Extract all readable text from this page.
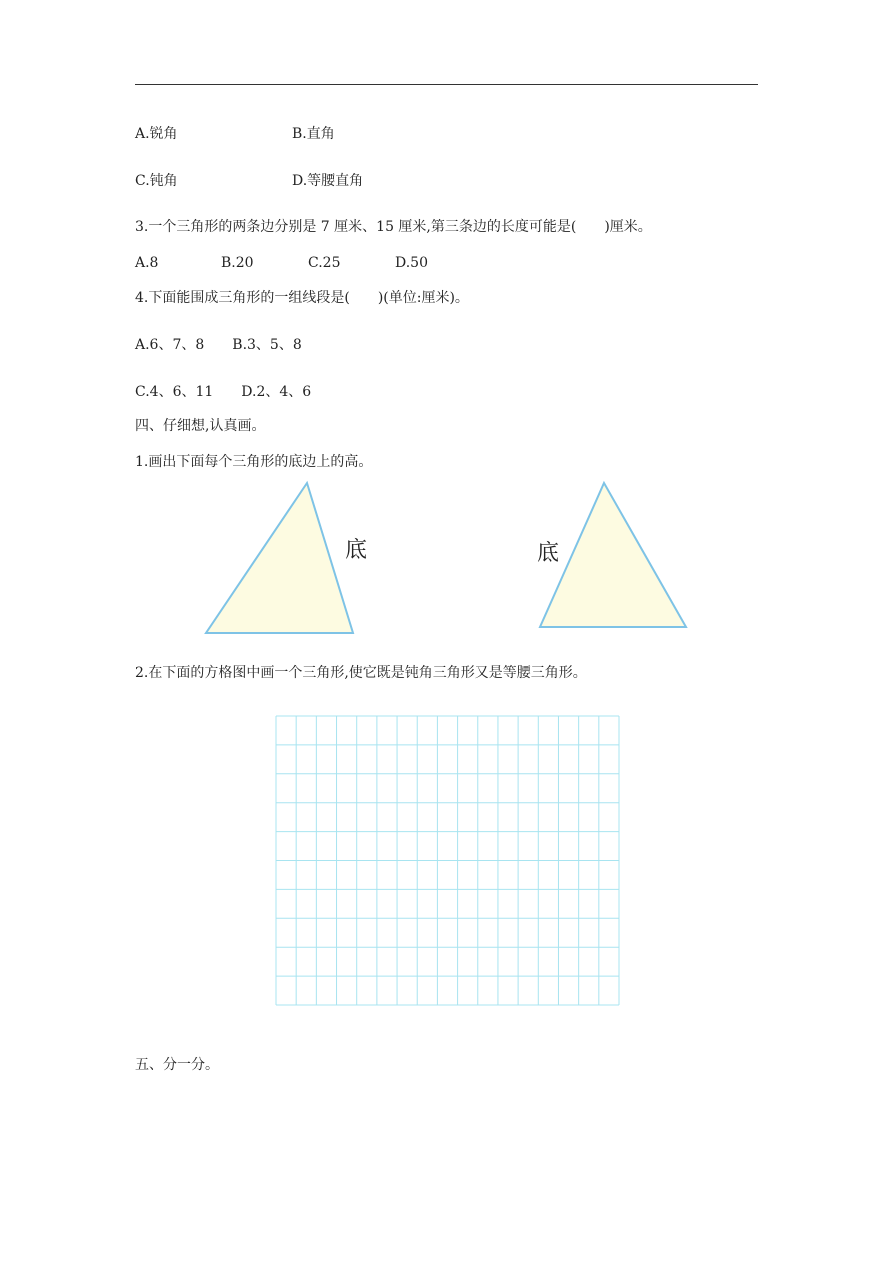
A.锐角	B.直角
C.钝角	D.等腰直角
3.一个三角形的两条边分别是 7 厘米、15 厘米,第三条边的长度可能是(　　)厘米。
A.8	B.20	C.25	D.50
4.下面能围成三角形的一组线段是(　　)(单位:厘米)。
A.6、7、8　　B.3、5、8
C.4、6、11　　D.2、4、6
四、仔细想,认真画。
1.画出下面每个三角形的底边上的高。
底	底
2.在下面的方格图中画一个三角形,使它既是钝角三角形又是等腰三角形。
五、分一分。
